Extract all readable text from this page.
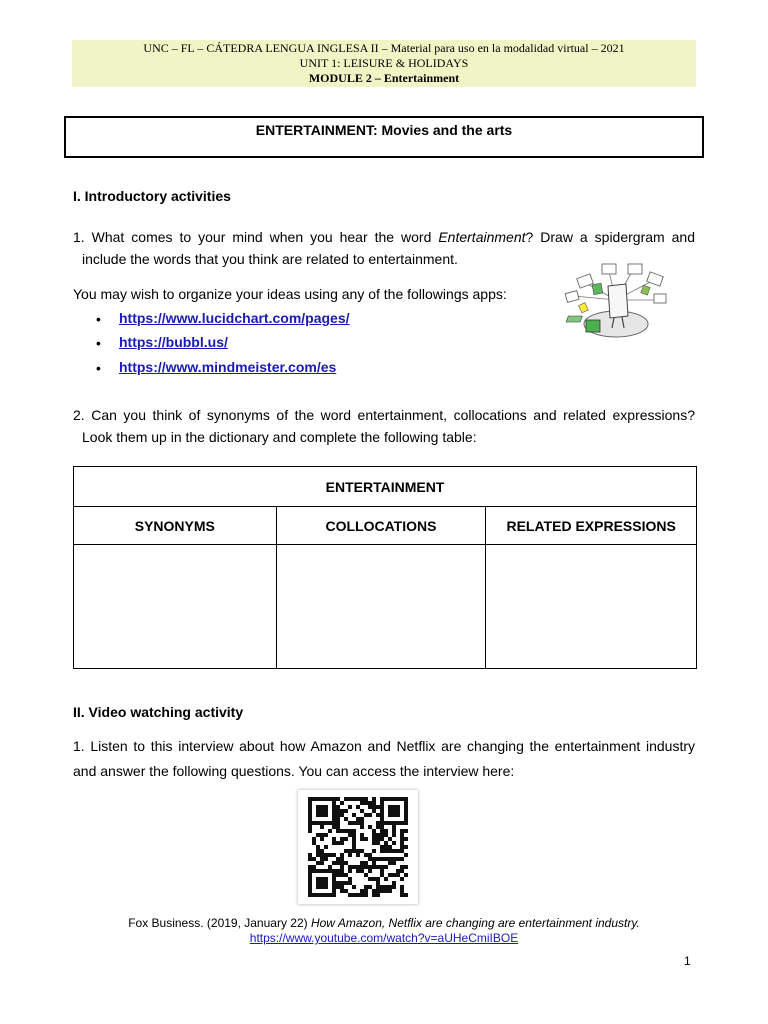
UNC – FL – CÁTEDRA LENGUA INGLESA II – Material para uso en la modalidad virtual – 2021
UNIT 1: LEISURE & HOLIDAYS
MODULE 2 – Entertainment
ENTERTAINMENT: Movies and the arts
I. Introductory activities
1. What comes to your mind when you hear the word Entertainment? Draw a spidergram and
include the words that you think are related to entertainment.
You may wish to organize your ideas using any of the followings apps:
• https://www.lucidchart.com/pages/
• https://bubbl.us/
• https://www.mindmeister.com/es
2. Can you think of synonyms of the word entertainment, collocations and related expressions?
Look them up in the dictionary and complete the following table:
ENTERTAINMENT		
SYNONYMS	COLLOCATIONS	RELATED EXPRESSIONS

II. Video watching activity
1. Listen to this interview about how Amazon and Netflix are changing the entertainment industry
and answer the following questions. You can access the interview here:
Fox Business. (2019, January 22) How Amazon, Netflix are changing are entertainment industry.
https://www.youtube.com/watch?v=aUHeCmiIBOE
1
